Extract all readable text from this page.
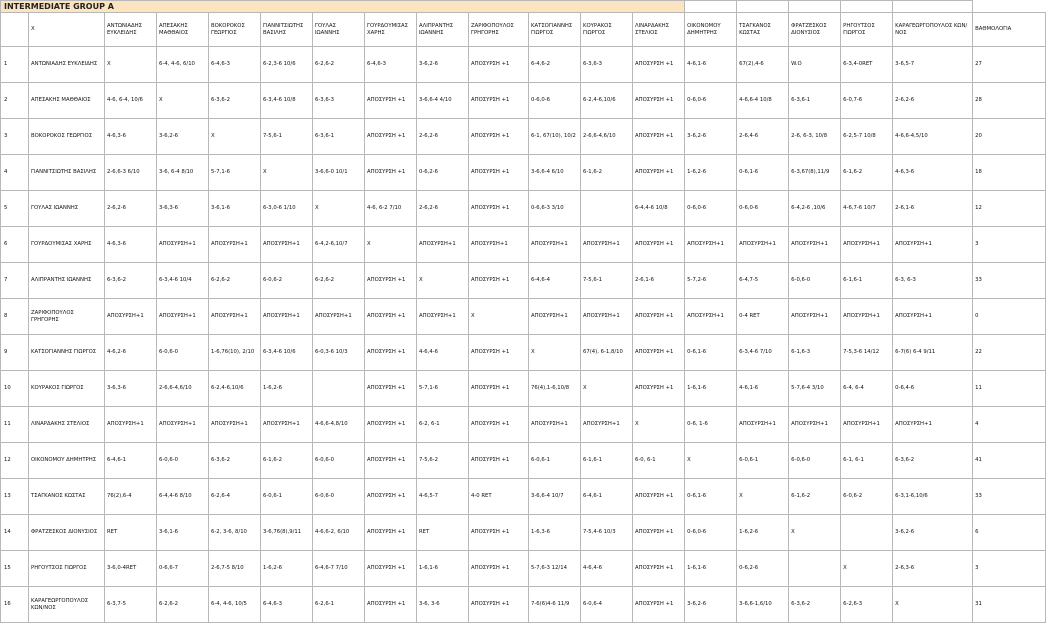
INTERMEDIATE GROUP A																		
	X	ΑΝΤΩΝΙΑΔΗΣ ΕΥΚΛΕΙΔΗΣ	ΑΠΕΣΑΚΗΣ ΜΑΘΘΑΙΟΣ	ΒΟΚΟΡΟΚΟΣ ΓΕΩΡΓΙΟΣ	ΓΙΑΝΝΙΤΣΙΩΤΗΣ ΒΑΣΙΛΗΣ	ΓΟΥΛΑΣ ΙΩΑΝΝΗΣ	ΓΟΥΡΔΟΥΜΙΣΑΣ ΧΑΡΗΣ	ΑΛΙΠΡΑΝΤΗΣ ΙΩΑΝΝΗΣ	ΖΑΡΙΦΟΠΟΥΛΟΣ ΓΡΗΓΟΡΗΣ	ΚΑΤΣΟΓΙΑΝΝΗΣ ΓΙΩΡΓΟΣ	ΚΟΥΡΑΚΟΣ ΓΙΩΡΓΟΣ	ΛΙΝΑΡΔΑΚΗΣ ΣΤΕΛΙΟΣ	ΟΙΚΟΝΟΜΟΥ ΔΗΜΗΤΡΗΣ	ΤΣΑΓΚΑΝΟΣ ΚΩΣΤΑΣ	ΦΡΑΤΖΕΣΚΟΣ ΔΙΟΝΥΣΙΟΣ	ΡΗΓΟΥΤΣΟΣ ΓΙΩΡΓΟΣ	ΚΑΡΑΓΕΩΡΓΟΠΟΥΛΟΣ ΚΩΝ/ΝΟΣ	ΒΑΘΜΟΛΟΓΙΑ
1	ΑΝΤΩΝΙΑΔΗΣ ΕΥΚΛΕΙΔΗΣ	X	6-4, 4-6, 6/10	6-4,6-3	6-2,3-6 10/6	6-2,6-2	6-4,6-3	3-6,2-6	ΑΠΟΣΥΡΣΗ +1	6-4,6-2	6-3,6-3	ΑΠΟΣΥΡΣΗ +1	4-6,1-6	67(2),4-6	W.O	6-3,4-0RET	3-6,5-7	27
2	ΑΠΕΣΑΚΗΣ ΜΑΘΘΑΙΟΣ	4-6, 6-4, 10/6	X	6-3,6-2	6-3,4-6 10/8	6-3,6-3	ΑΠΟΣΥΡΣΗ +1	3-6,6-4 4/10	ΑΠΟΣΥΡΣΗ +1	0-6,0-6	6-2,4-6,10/6	ΑΠΟΣΥΡΣΗ +1	0-6,0-6	4-6,6-4 10/8	6-3,6-1	6-0,7-6	2-6,2-6	28
3	ΒΟΚΟΡΟΚΟΣ ΓΕΩΡΓΙΟΣ	4-6,3-6	3-6,2-6	X	7-5,6-1	6-3,6-1	ΑΠΟΣΥΡΣΗ +1	2-6,2-6	ΑΠΟΣΥΡΣΗ +1	6-1, 67(10), 10/2	2-6,6-4,6/10	ΑΠΟΣΥΡΣΗ +1	3-6,2-6	2-6,4-6	2-6, 6-3, 10/8	6-2,5-7 10/8	4-6,6-4,5/10	20
4	ΓΙΑΝΝΙΤΣΙΩΤΗΣ ΒΑΣΙΛΗΣ	2-6,6-3 6/10	3-6, 6-4 8/10	5-7,1-6	X	3-6,6-0 10/1	ΑΠΟΣΥΡΣΗ +1	0-6,2-6	ΑΠΟΣΥΡΣΗ +1	3-6,6-4 6/10	6-1,6-2	ΑΠΟΣΥΡΣΗ +1	1-6,2-6	0-6,1-6	6-3,67(8),11/9	6-1,6-2	4-6,3-6	18
5	ΓΟΥΛΑΣ ΙΩΑΝΝΗΣ	2-6,2-6	3-6,3-6	3-6,1-6	6-3,0-6 1/10	X	4-6, 6-2 7/10	2-6,2-6	ΑΠΟΣΥΡΣΗ +1	0-6,6-3 3/10		6-4,4-6 10/8	0-6,0-6	0-6,0-6	6-4,2-6 ,10/6	4-6,7-6 10/7	2-6,1-6	12
6	ΓΟΥΡΔΟΥΜΙΣΑΣ ΧΑΡΗΣ	4-6,3-6	ΑΠΟΣΥΡΣΗ+1	ΑΠΟΣΥΡΣΗ+1	ΑΠΟΣΥΡΣΗ+1	6-4,2-6,10/7	X	ΑΠΟΣΥΡΣΗ+1	ΑΠΟΣΥΡΣΗ+1	ΑΠΟΣΥΡΣΗ+1	ΑΠΟΣΥΡΣΗ+1	ΑΠΟΣΥΡΣΗ +1	ΑΠΟΣΥΡΣΗ+1	ΑΠΟΣΥΡΣΗ+1	ΑΠΟΣΥΡΣΗ+1	ΑΠΟΣΥΡΣΗ+1	ΑΠΟΣΥΡΣΗ+1	3
7	ΑΛΙΠΡΑΝΤΗΣ ΙΩΑΝΝΗΣ	6-3,6-2	6-3,4-6 10/4	6-2,6-2	6-0,6-2	6-2,6-2	ΑΠΟΣΥΡΣΗ +1	X	ΑΠΟΣΥΡΣΗ +1	6-4,6-4	7-5,6-1	2-6,1-6	5-7,2-6	6-4,7-5	6-0,6-0	6-1,6-1	6-3, 6-3	33
8	ΖΑΡΙΦΟΠΟΥΛΟΣ ΓΡΗΓΟΡΗΣ	ΑΠΟΣΥΡΣΗ+1	ΑΠΟΣΥΡΣΗ+1	ΑΠΟΣΥΡΣΗ+1	ΑΠΟΣΥΡΣΗ+1	ΑΠΟΣΥΡΣΗ+1	ΑΠΟΣΥΡΣΗ +1	ΑΠΟΣΥΡΣΗ+1	X	ΑΠΟΣΥΡΣΗ+1	ΑΠΟΣΥΡΣΗ+1	ΑΠΟΣΥΡΣΗ +1	ΑΠΟΣΥΡΣΗ+1	0-4 RET	ΑΠΟΣΥΡΣΗ+1	ΑΠΟΣΥΡΣΗ+1	ΑΠΟΣΥΡΣΗ+1	0
9	ΚΑΤΣΟΓΙΑΝΝΗΣ ΓΙΩΡΓΟΣ	4-6,2-6	6-0,6-0	1-6,76(10), 2/10	6-3,4-6 10/6	6-0,3-6 10/3	ΑΠΟΣΥΡΣΗ +1	4-6,4-6	ΑΠΟΣΥΡΣΗ +1	X	67(4), 6-1,8/10	ΑΠΟΣΥΡΣΗ +1	0-6,1-6	6-3,4-6 7/10	6-1,6-3	7-5,3-6 14/12	6-7(6) 6-4 9/11	22
10	ΚΟΥΡΑΚΟΣ ΓΙΩΡΓΟΣ	3-6,3-6	2-6,6-4,6/10	6-2,4-6,10/6	1-6,2-6		ΑΠΟΣΥΡΣΗ +1	5-7,1-6	ΑΠΟΣΥΡΣΗ +1	76(4),1-6,10/8	X	ΑΠΟΣΥΡΣΗ +1	1-6,1-6	4-6,1-6	5-7,6-4 3/10	6-4, 6-4	0-6,4-6	11
11	ΛΙΝΑΡΔΑΚΗΣ ΣΤΕΛΙΟΣ	ΑΠΟΣΥΡΣΗ+1	ΑΠΟΣΥΡΣΗ+1	ΑΠΟΣΥΡΣΗ+1	ΑΠΟΣΥΡΣΗ+1	4-6,6-4,8/10	ΑΠΟΣΥΡΣΗ +1	6-2, 6-1	ΑΠΟΣΥΡΣΗ +1	ΑΠΟΣΥΡΣΗ+1	ΑΠΟΣΥΡΣΗ+1	X	0-6, 1-6	ΑΠΟΣΥΡΣΗ+1	ΑΠΟΣΥΡΣΗ+1	ΑΠΟΣΥΡΣΗ+1	ΑΠΟΣΥΡΣΗ+1	4
12	ΟΙΚΟΝΟΜΟΥ ΔΗΜΗΤΡΗΣ	6-4,6-1	6-0,6-0	6-3,6-2	6-1,6-2	6-0,6-0	ΑΠΟΣΥΡΣΗ +1	7-5,6-2	ΑΠΟΣΥΡΣΗ +1	6-0,6-1	6-1,6-1	6-0, 6-1	X	6-0,6-1	6-0,6-0	6-1, 6-1	6-3,6-2	41
13	ΤΣΑΓΚΑΝΟΣ ΚΩΣΤΑΣ	76(2),6-4	6-4,4-6 8/10	6-2,6-4	6-0,6-1	6-0,6-0	ΑΠΟΣΥΡΣΗ +1	4-6,5-7	4-0 RET	3-6,6-4 10/7	6-4,6-1	ΑΠΟΣΥΡΣΗ +1	0-6,1-6	X	6-1,6-2	6-0,6-2	6-3,1-6,10/6	33
14	ΦΡΑΤΖΕΣΚΟΣ ΔΙΟΝΥΣΙΟΣ	RET	3-6,1-6	6-2, 3-6, 8/10	3-6,76(8),9/11	4-6,6-2, 6/10	ΑΠΟΣΥΡΣΗ +1	RET	ΑΠΟΣΥΡΣΗ +1	1-6,3-6	7-5,4-6 10/3	ΑΠΟΣΥΡΣΗ +1	0-6,0-6	1-6,2-6	X		3-6,2-6	6
15	ΡΗΓΟΥΤΣΟΣ ΓΙΩΡΓΟΣ	3-6,0-4RET	0-6,6-7	2-6,7-5 8/10	1-6,2-6	6-4,6-7 7/10	ΑΠΟΣΥΡΣΗ +1	1-6,1-6	ΑΠΟΣΥΡΣΗ +1	5-7,6-3 12/14	4-6,4-6	ΑΠΟΣΥΡΣΗ +1	1-6,1-6	0-6,2-6		X	2-6,3-6	3
16	ΚΑΡΑΓΕΩΡΓΟΠΟΥΛΟΣ ΚΩΝ/ΝΟΣ	6-3,7-5	6-2,6-2	6-4, 4-6, 10/5	6-4,6-3	6-2,6-1	ΑΠΟΣΥΡΣΗ +1	3-6, 3-6	ΑΠΟΣΥΡΣΗ +1	7-6(6)4-6 11/9	6-0,6-4	ΑΠΟΣΥΡΣΗ +1	3-6,2-6	3-6,6-1,6/10	6-3,6-2	6-2,6-3	X	31
